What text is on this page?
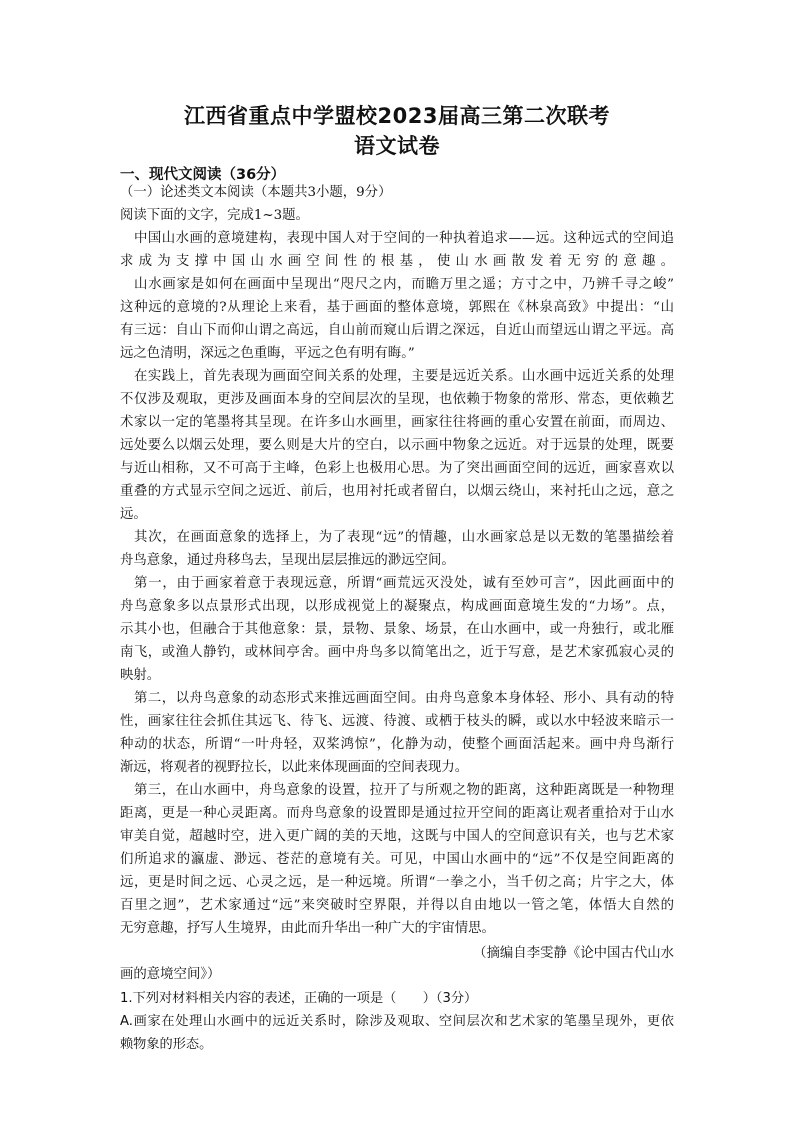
江西省重点中学盟校2023届高三第二次联考
语文试卷
一、现代文阅读（36分）
（一）论述类文本阅读（本题共3小题，9分）
阅读下面的文字，完成1~3题。
中国山水画的意境建构，表现中国人对于空间的一种执着追求——远。这种远式的空间追
求成为支撑中国山水画空间性的根基，使山水画散发着无穷的意趣。
山水画家是如何在画面中呈现出“咫尺之内，而瞻万里之遥；方寸之中，乃辨千寻之峻”
这种远的意境的?从理论上来看，基于画面的整体意境，郭熙在《林泉高致》中提出：“山
有三远：自山下而仰山谓之高远，自山前而窥山后谓之深远，自近山而望远山谓之平远。高
远之色清明，深远之色重晦，平远之色有明有晦。”
在实践上，首先表现为画面空间关系的处理，主要是远近关系。山水画中远近关系的处理
不仅涉及观取，更涉及画面本身的空间层次的呈现，也依赖于物象的常形、常态，更依赖艺
术家以一定的笔墨将其呈现。在许多山水画里，画家往往将画的重心安置在前面，而周边、
远处要么以烟云处理，要么则是大片的空白，以示画中物象之远近。对于远景的处理，既要
与近山相称，又不可高于主峰，色彩上也极用心思。为了突出画面空间的远近，画家喜欢以
重叠的方式显示空间之远近、前后，也用衬托或者留白，以烟云绕山，来衬托山之远，意之
远。
其次，在画面意象的选择上，为了表现“远”的情趣，山水画家总是以无数的笔墨描绘着
舟鸟意象，通过舟移鸟去，呈现出层层推远的渺远空间。
第一，由于画家着意于表现远意，所谓“画荒远灭没处，诚有至妙可言”，因此画面中的
舟鸟意象多以点景形式出现，以形成视觉上的凝聚点，构成画面意境生发的“力场”。点，
示其小也，但融合于其他意象：景，景物、景象、场景，在山水画中，或一舟独行，或北雁
南飞，或渔人静钓，或林间亭舍。画中舟鸟多以简笔出之，近于写意，是艺术家孤寂心灵的
映射。
第二，以舟鸟意象的动态形式来推远画面空间。由舟鸟意象本身体轻、形小、具有动的特
性，画家往往会抓住其远飞、待飞、远渡、待渡、或栖于枝头的瞬，或以水中轻波来暗示一
种动的状态，所谓“一叶舟轻，双桨鸿惊”，化静为动，使整个画面活起来。画中舟鸟渐行
渐远，将观者的视野拉长，以此来体现画面的空间表现力。
第三，在山水画中，舟鸟意象的设置，拉开了与所观之物的距离，这种距离既是一种物理
距离，更是一种心灵距离。而舟鸟意象的设置即是通过拉开空间的距离让观者重拾对于山水
审美自觉，超越时空，进入更广阔的美的天地，这既与中国人的空间意识有关，也与艺术家
们所追求的瀛虚、渺远、苍茫的意境有关。可见，中国山水画中的“远”不仅是空间距离的
远，更是时间之远、心灵之远，是一种远境。所谓“一拳之小，当千仞之高；片宇之大，体
百里之迥”，艺术家通过“远”来突破时空界限，并得以自由地以一管之笔，体悟大自然的
无穷意趣，抒写人生境界，由此而升华出一种广大的宇宙情思。
（摘编自李雯静《论中国古代山水
画的意境空间》）
1.下列对材料相关内容的表述，正确的一项是（　　）（3分）
A.画家在处理山水画中的远近关系时，除涉及观取、空间层次和艺术家的笔墨呈现外，更依
赖物象的形态。
